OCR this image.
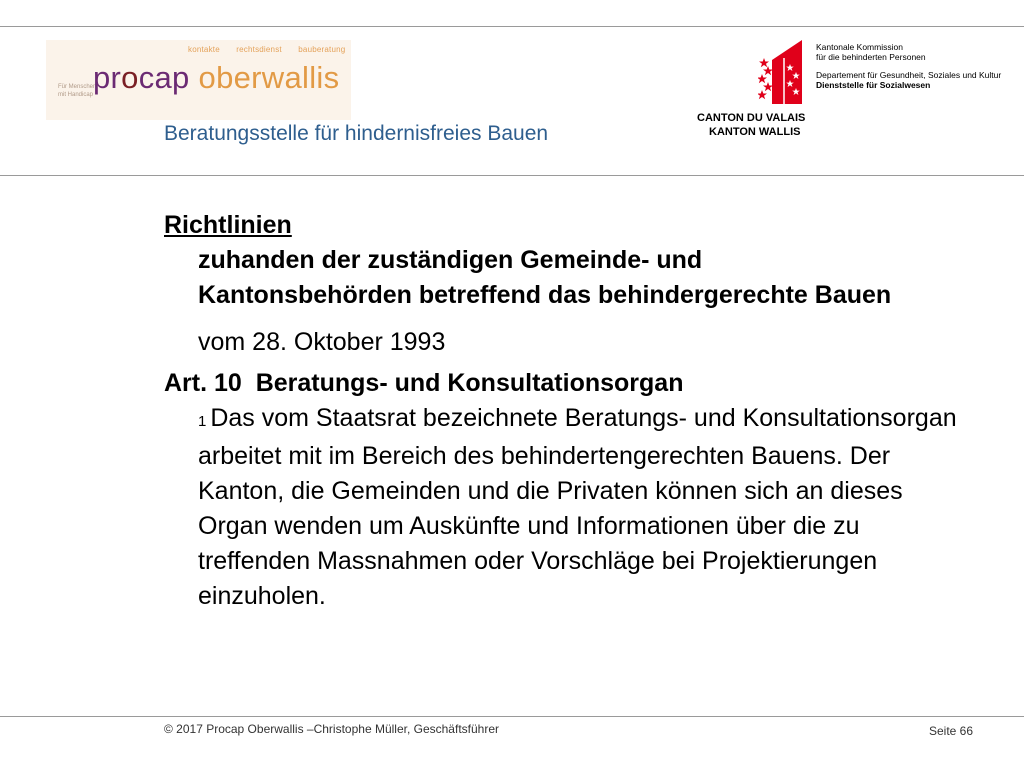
kontakte rechtsdienst bauberatung
Für Menschen
mit Handicap procap oberwallis
Beratungsstelle für hindernisfreies Bauen
CANTON DU VALAIS
KANTON WALLIS
Kantonale Kommission
für die behinderten Personen
Departement für Gesundheit, Soziales und Kultur
Dienststelle für Sozialwesen

Richtlinien

zuhanden der zuständigen Gemeinde- und Kantonsbehörden betreffend das behindergerechte Bauen

vom 28. Oktober 1993

Art. 10  Beratungs- und Konsultationsorgan

1 Das vom Staatsrat bezeichnete Beratungs- und Konsultationsorgan arbeitet mit im Bereich des behindertengerechten Bauens. Der Kanton, die Gemeinden und die Privaten können sich an dieses Organ wenden um Auskünfte und Informationen über die zu treffenden Massnahmen oder Vorschläge bei Projektierungen einzuholen.

© 2017 Procap Oberwallis –Christophe Müller, Geschäftsführer	Seite 66
